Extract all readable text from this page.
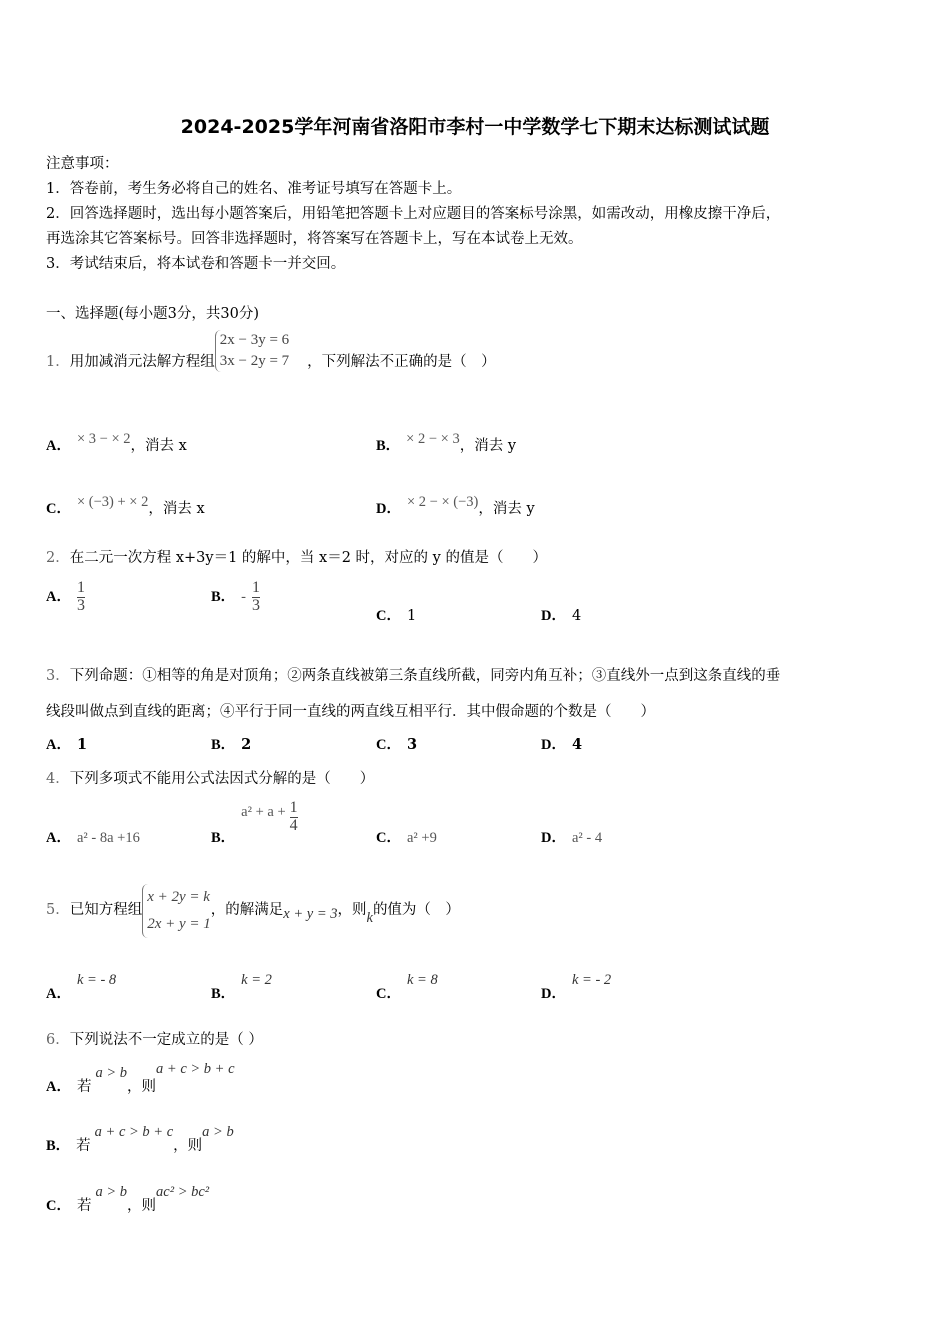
2024-2025学年河南省洛阳市李村一中学数学七下期末达标测试试题
注意事项：
1．答卷前，考生务必将自己的姓名、准考证号填写在答题卡上。
2．回答选择题时，选出每小题答案后，用铅笔把答题卡上对应题目的答案标号涂黑，如需改动，用橡皮擦干净后，
再选涂其它答案标号。回答非选择题时，将答案写在答题卡上，写在本试卷上无效。
3．考试结束后，将本试卷和答题卡一并交回。
一、选择题(每小题3分，共30分)
1．用加减消元法解方程组2x − 3y = 6
3x − 2y = 7 ，下列解法不正确的是（　）
A． × 3 − × 2，消去 x	B． × 2 − × 3，消去 y
C． × (−3) + × 2，消去 x	D． × 2 − × (−3)，消去 y
2．在二元一次方程 x+3y＝1 的解中，当 x＝2 时，对应的 y 的值是（　　）
A． $\frac{1}{3}$	B． - $\frac{1}{3}$
C． 1	D． 4
3．下列命题：①相等的角是对顶角；②两条直线被第三条直线所截，同旁内角互补；③直线外一点到这条直线的垂
线段叫做点到直线的距离；④平行于同一直线的两直线互相平行．其中假命题的个数是（　　）
A． 1	B． 2	C． 3	D． 4
4．下列多项式不能用公式法因式分解的是（　　）
A． a² - 8a +16	B．$a^2 + a + \frac{1}{4}$
C． a² +9	D． a² - 4
5．已知方程组x + 2y = k
2x + y = 1，的解满足x + y = 3，则k的值为（　）
A．k = - 8
B．k = 2
C．k = 8
D．k = - 2
6．下列说法不一定成立的是（ ）
A． 若a > b，则a + c > b + c
B． 若a + c > b + c，则a > b
C． 若a > b，则ac² > bc²
